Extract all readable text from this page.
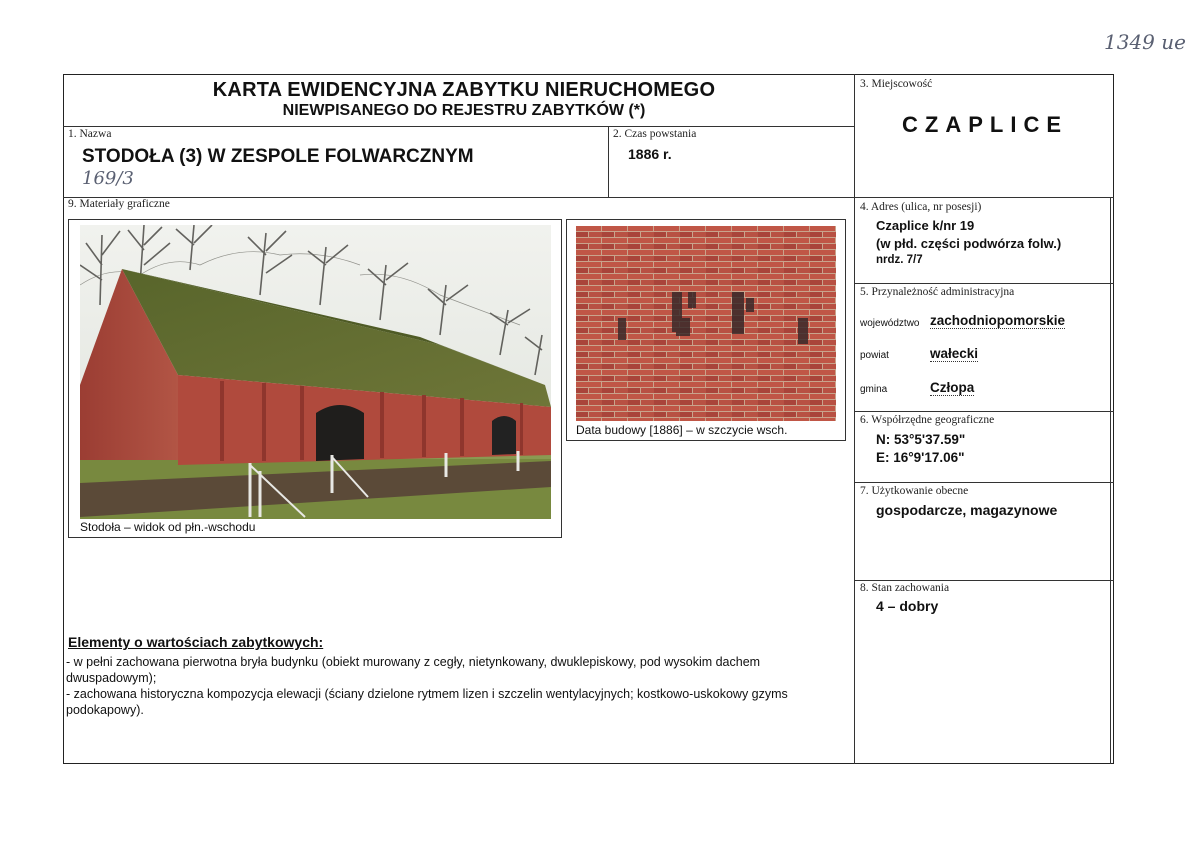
1349 ue
KARTA EWIDENCYJNA ZABYTKU NIERUCHOMEGO
NIEWPISANEGO DO REJESTRU ZABYTKÓW (*)
3. Miejscowość
CZAPLICE
1. Nazwa
STODOŁA (3) W ZESPOLE FOLWARCZNYM
169/3
2. Czas powstania
1886 r.
9. Materiały graficzne
Stodoła – widok od płn.-wschodu
Data budowy [1886] – w szczycie wsch.
4. Adres (ulica, nr posesji)
Czaplice k/nr 19
(w płd. części podwórza folw.)
nrdz. 7/7
5. Przynależność administracyjna
województwo zachodniopomorskie
powiat	wałecki
gmina	Człopa
6. Współrzędne geograficzne
N: 53°5'37.59"
E: 16°9'17.06"
7. Użytkowanie obecne
gospodarcze, magazynowe
8. Stan zachowania
4 – dobry
Elementy o wartościach zabytkowych:
- w pełni zachowana pierwotna bryła budynku (obiekt murowany z cegły, nietynkowany, dwuklepiskowy, pod wysokim dachem dwuspadowym);
- zachowana historyczna kompozycja elewacji (ściany dzielone rytmem lizen i szczelin wentylacyjnych; kostkowo-uskokowy gzyms podokapowy).
